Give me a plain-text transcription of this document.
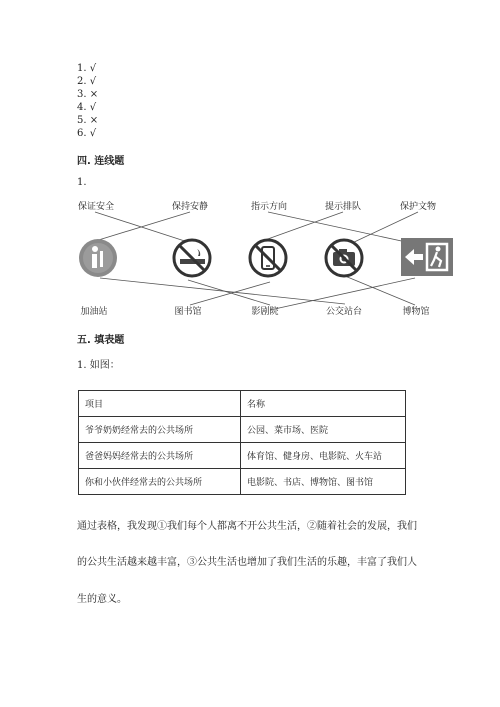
1. √
2. √
3. ×
4. √
5. ×
6. √
四. 连线题
1.
保证安全	保持安静	指示方向	提示排队	保护文物
加油站	图书馆	影剧院	公交站台	博物馆
五. 填表题
1. 如图：
项目	名称
爷爷奶奶经常去的公共场所	公园、菜市场、医院
爸爸妈妈经常去的公共场所	体育馆、健身房、电影院、火车站
你和小伙伴经常去的公共场所	电影院、书店、博物馆、图书馆
通过表格，我发现①我们每个人都离不开公共生活，②随着社会的发展，我们
的公共生活越来越丰富，③公共生活也增加了我们生活的乐趣，丰富了我们人
生的意义。
